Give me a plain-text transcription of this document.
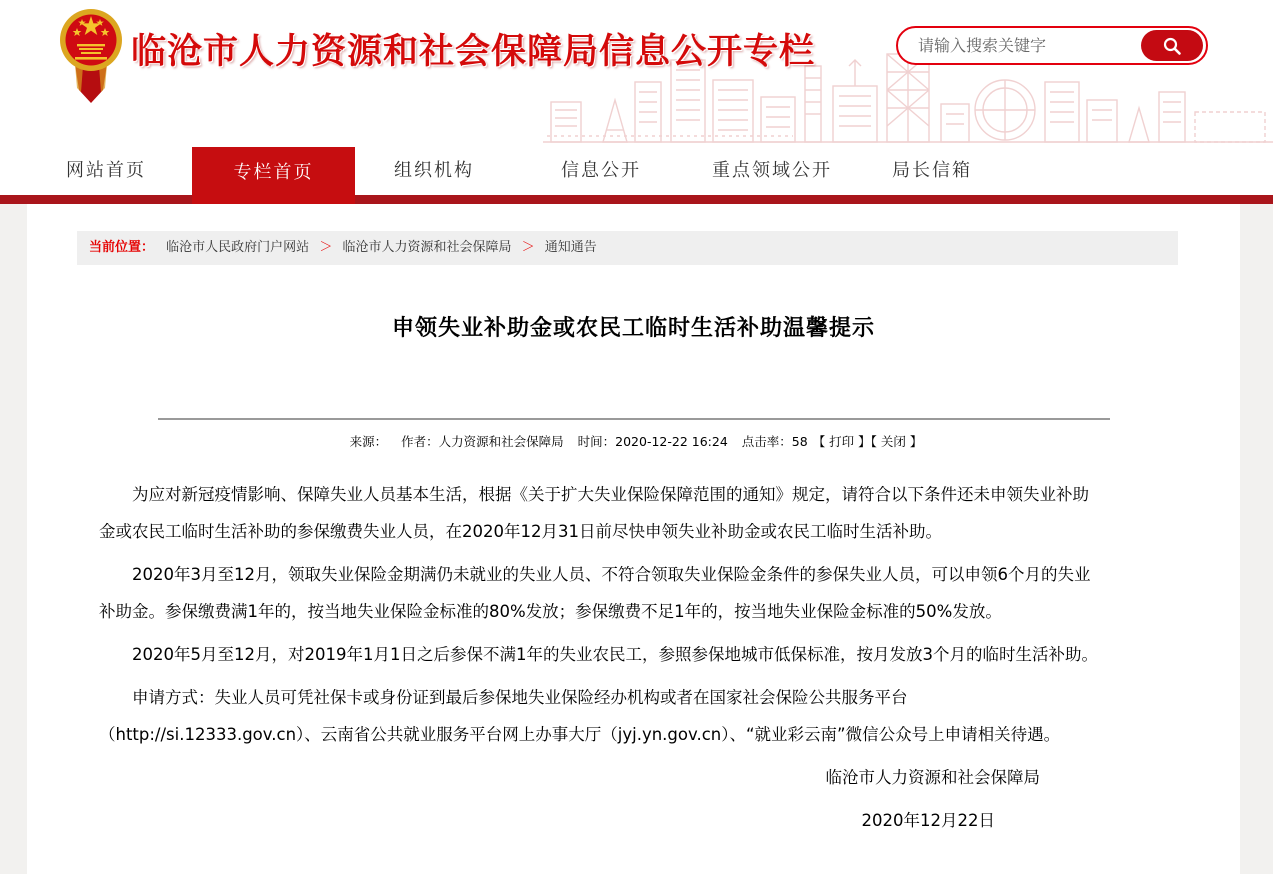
临沧市人力资源和社会保障局信息公开专栏
请输入搜索关键字
网站首页	专栏首页	组织机构	信息公开	重点领域公开	局长信箱
当前位置： 临沧市人民政府门户网站 ＞ 临沧市人力资源和社会保障局 ＞ 通知通告
申领失业补助金或农民工临时生活补助温馨提示
来源： 作者：人力资源和社会保障局 时间：2020-12-22 16:24 点击率：58 【 打印 】【 关闭 】

为应对新冠疫情影响、保障失业人员基本生活，根据《关于扩大失业保险保障范围的通知》规定，请符合以下条件还未申领失业补助金或农民工临时生活补助的参保缴费失业人员，在2020年12月31日前尽快申领失业补助金或农民工临时生活补助。

2020年3月至12月，领取失业保险金期满仍未就业的失业人员、不符合领取失业保险金条件的参保失业人员，可以申领6个月的失业补助金。参保缴费满1年的，按当地失业保险金标准的80%发放；参保缴费不足1年的，按当地失业保险金标准的50%发放。

2020年5月至12月，对2019年1月1日之后参保不满1年的失业农民工，参照参保地城市低保标准，按月发放3个月的临时生活补助。

申请方式：失业人员可凭社保卡或身份证到最后参保地失业保险经办机构或者在国家社会保险公共服务平台（http://si.12333.gov.cn）、云南省公共就业服务平台网上办事大厅（jyj.yn.gov.cn）、“就业彩云南”微信公众号上申请相关待遇。

临沧市人力资源和社会保障局

2020年12月22日
